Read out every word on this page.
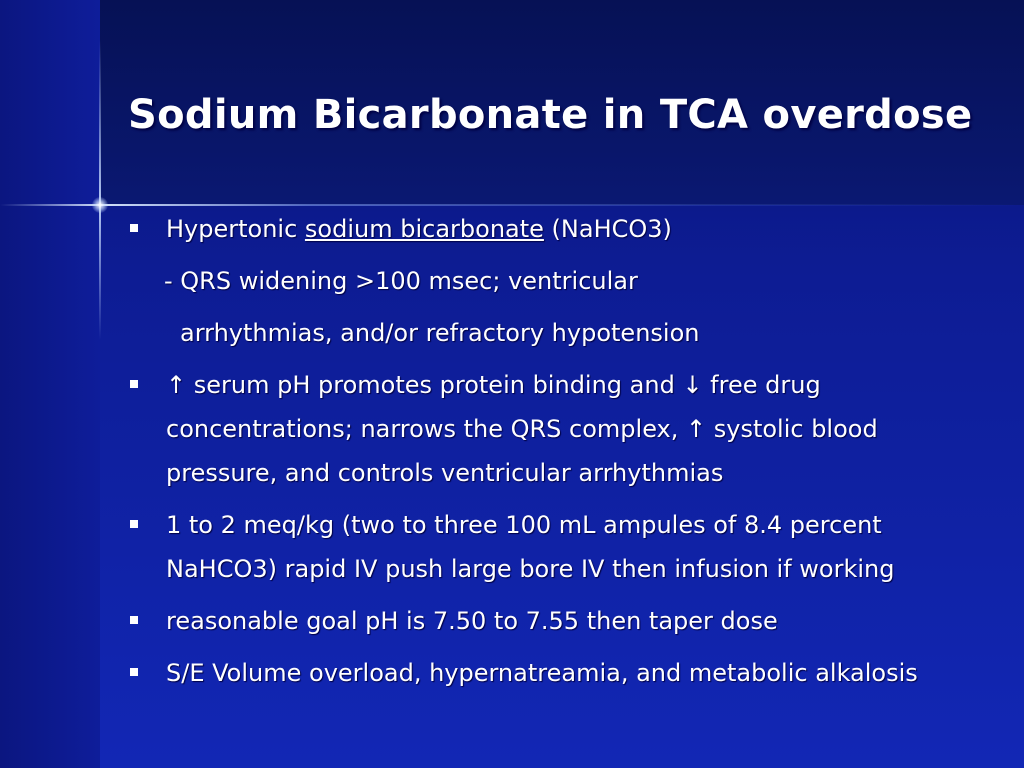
Sodium Bicarbonate in TCA overdose
Hypertonic sodium bicarbonate (NaHCO3)
- QRS widening >100 msec; ventricular
arrhythmias, and/or refractory hypotension
↑ serum pH promotes protein binding and ↓ free drug
concentrations; narrows the QRS complex, ↑ systolic blood
pressure, and controls ventricular arrhythmias
1 to 2 meq/kg (two to three 100 mL ampules of 8.4 percent
NaHCO3) rapid IV push large bore IV then infusion if working
reasonable goal pH is 7.50 to 7.55 then taper dose
S/E Volume overload, hypernatreamia, and metabolic alkalosis
